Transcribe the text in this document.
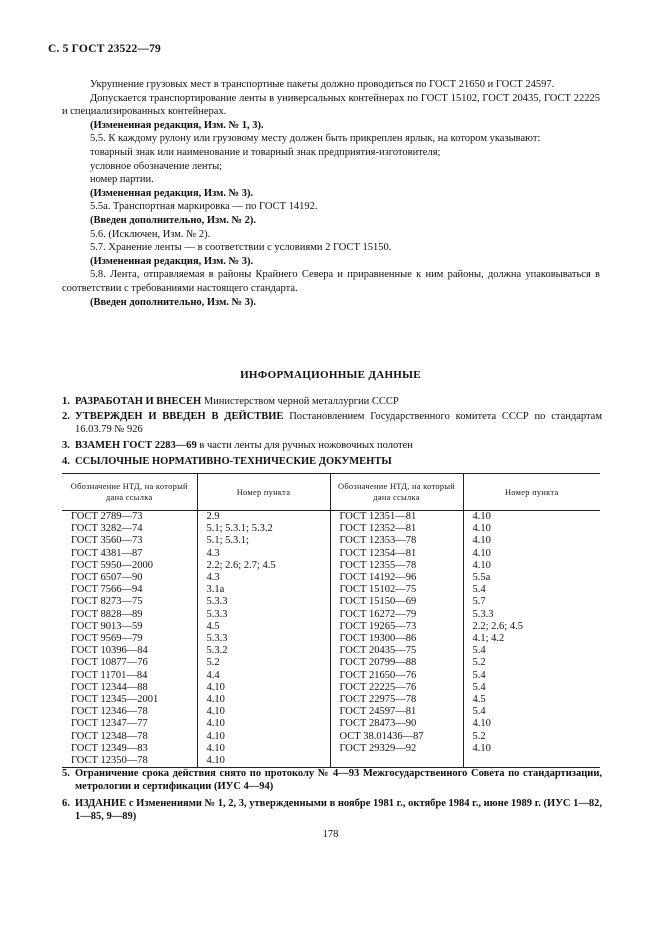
С. 5 ГОСТ 23522—79

Укрупнение грузовых мест в транспортные пакеты должно проводиться по ГОСТ 21650 и ГОСТ 24597.

Допускается транспортирование ленты в универсальных контейнерах по ГОСТ 15102, ГОСТ 20435, ГОСТ 22225 и специализированных контейнерах.

(Измененная редакция, Изм. № 1, 3).

5.5. К каждому рулону или грузовому месту должен быть прикреплен ярлык, на котором указывают:

товарный знак или наименование и товарный знак предприятия-изготовителя;

условное обозначение ленты;

номер партии.

(Измененная редакция, Изм. № 3).

5.5а. Транспортная маркировка — по ГОСТ 14192.

(Введен дополнительно, Изм. № 2).

5.6. (Исключен, Изм. № 2).

5.7. Хранение ленты — в соответствии с условиями 2 ГОСТ 15150.

(Измененная редакция, Изм. № 3).

5.8. Лента, отправляемая в районы Крайнего Севера и приравненные к ним районы, должна упаковываться в соответствии с требованиями настоящего стандарта.

(Введен дополнительно, Изм. № 3).

ИНФОРМАЦИОННЫЕ ДАННЫЕ
1. РАЗРАБОТАН И ВНЕСЕН Министерством черной металлургии СССР
2. УТВЕРЖДЕН И ВВЕДЕН В ДЕЙСТВИЕ Постановлением Государственного комитета СССР по стандартам 16.03.79 № 926
3. ВЗАМЕН ГОСТ 2283—69 в части ленты для ручных ножовочных полотен
4. ССЫЛОЧНЫЕ НОРМАТИВНО-ТЕХНИЧЕСКИЕ ДОКУМЕНТЫ
Обозначение НТД, на который дана ссылка	Номер пункта	Обозначение НТД, на который дана ссылка	Номер пункта
ГОСТ 2789—73	2.9	ГОСТ 12351—81	4.10
ГОСТ 3282—74	5.1; 5.3.1; 5.3.2	ГОСТ 12352—81	4.10
ГОСТ 3560—73	5.1; 5.3.1;	ГОСТ 12353—78	4.10
ГОСТ 4381—87	4.3	ГОСТ 12354—81	4.10
ГОСТ 5950—2000	2.2; 2.6; 2.7; 4.5	ГОСТ 12355—78	4.10
ГОСТ 6507—90	4.3	ГОСТ 14192—96	5.5а
ГОСТ 7566—94	3.1а	ГОСТ 15102—75	5.4
ГОСТ 8273—75	5.3.3	ГОСТ 15150—69	5.7
ГОСТ 8828—89	5.3.3	ГОСТ 16272—79	5.3.3
ГОСТ 9013—59	4.5	ГОСТ 19265—73	2.2; 2.6; 4.5
ГОСТ 9569—79	5.3.3	ГОСТ 19300—86	4.1; 4.2
ГОСТ 10396—84	5.3.2	ГОСТ 20435—75	5.4
ГОСТ 10877—76	5.2	ГОСТ 20799—88	5.2
ГОСТ 11701—84	4.4	ГОСТ 21650—76	5.4
ГОСТ 12344—88	4.10	ГОСТ 22225—76	5.4
ГОСТ 12345—2001	4.10	ГОСТ 22975—78	4.5
ГОСТ 12346—78	4.10	ГОСТ 24597—81	5.4
ГОСТ 12347—77	4.10	ГОСТ 28473—90	4.10
ГОСТ 12348—78	4.10	ОСТ 38.01436—87	5.2
ГОСТ 12349—83	4.10	ГОСТ 29329—92	4.10
ГОСТ 12350—78	4.10		
5. Ограничение срока действия снято по протоколу № 4—93 Межгосударственного Совета по стандартизации, метрологии и сертификации (ИУС 4—94)
6. ИЗДАНИЕ с Изменениями № 1, 2, 3, утвержденными в ноябре 1981 г., октябре 1984 г., июне 1989 г. (ИУС 1—82, 1—85, 9—89)
178
